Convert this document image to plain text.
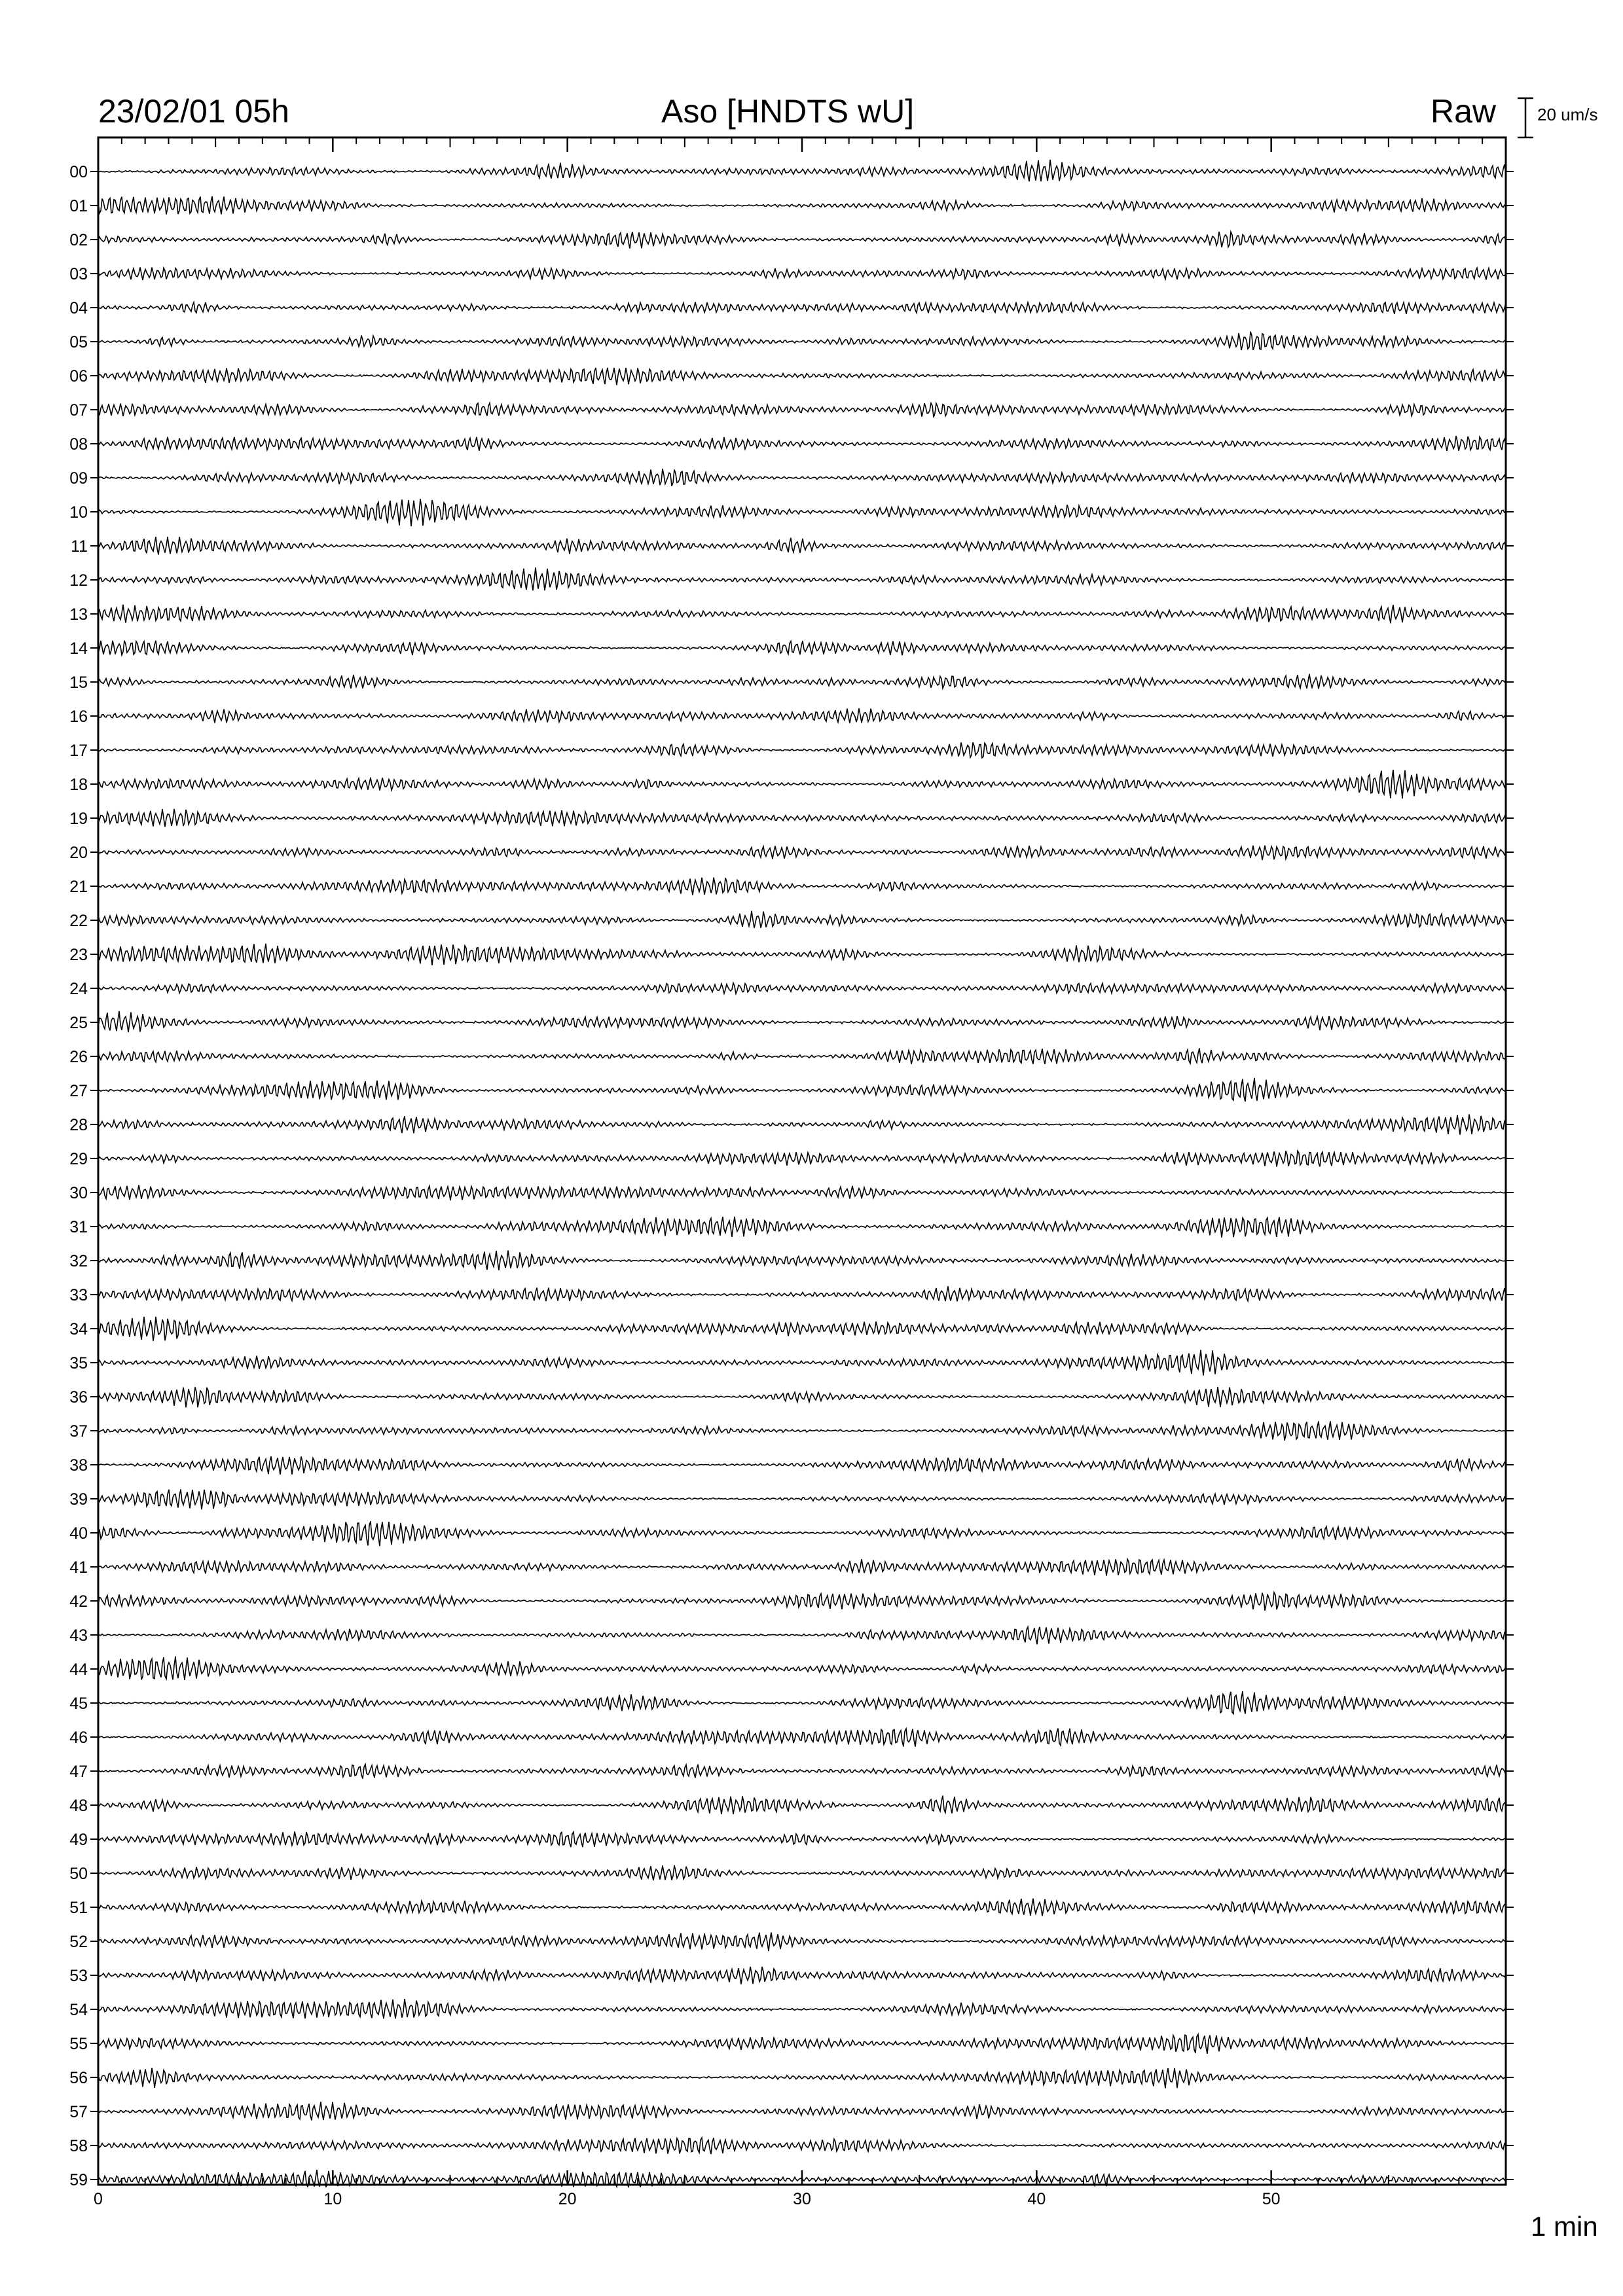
23/02/01 05h	Aso [HNDTS wU]	Raw 20 um/s
1 min
00
01
02
03
04
05
06
07
08
09
10
11
12
13
14
15
16
17
18
19
20
21
22
23
24
25
26
27
28
29
30
31
32
33
34
35
36
37
38
39
40
41
42
43
44
45
46
47
48
49
50
51
52
53
54
55
56
57
58
59
0	10	20	30	40	50
